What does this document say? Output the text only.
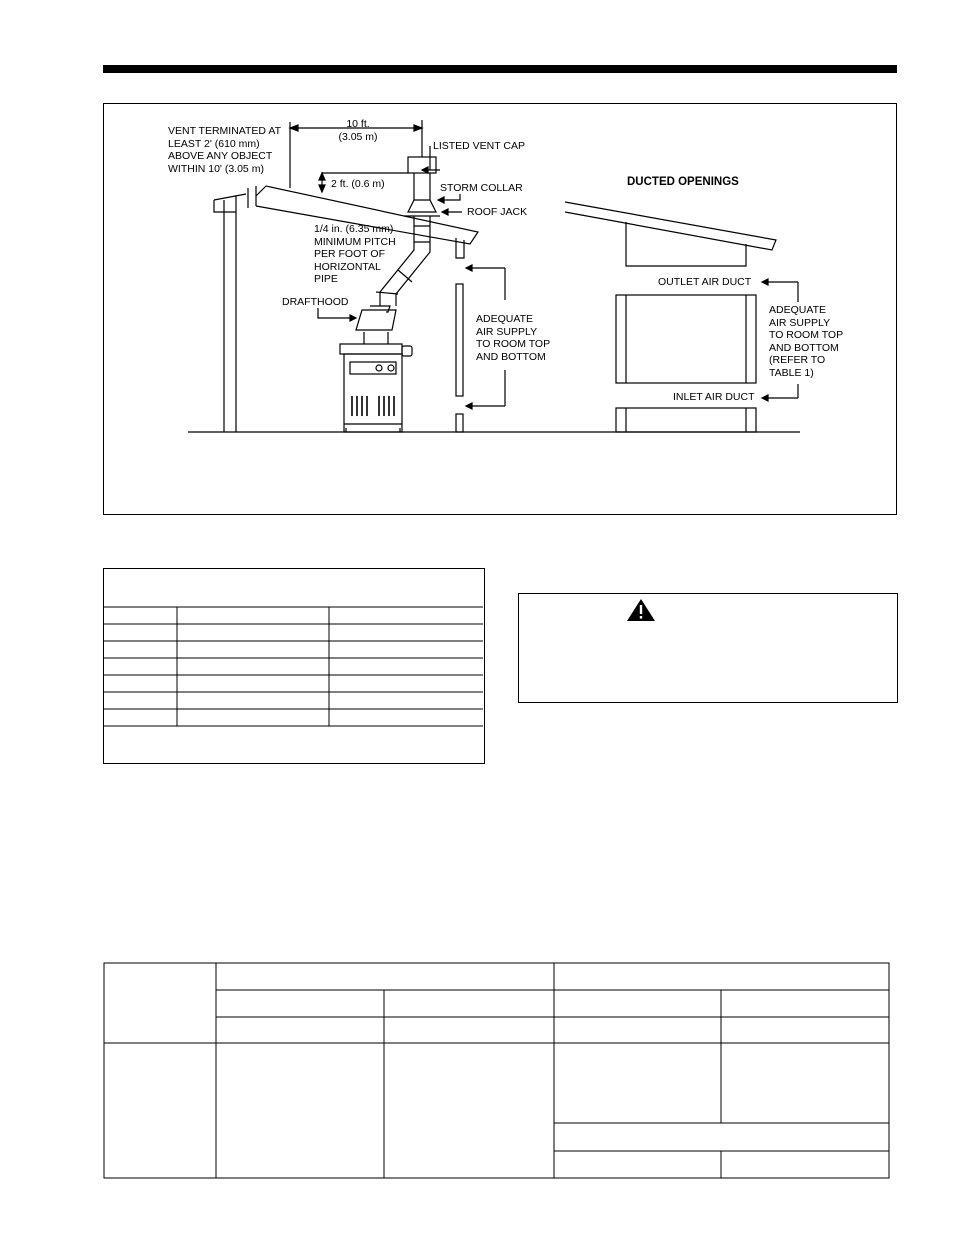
VENT TERMINATED AT
LEAST 2' (610 mm)
ABOVE ANY OBJECT
WITHIN 10' (3.05 m)
10 ft.
(3.05 m)
LISTED VENT CAP
2 ft. (0.6 m)	STORM COLLAR
ROOF JACK
1/4 in. (6.35 mm)
MINIMUM PITCH
PER FOOT OF
HORIZONTAL
PIPE
DRAFTHOOD
ADEQUATE
AIR SUPPLY
TO ROOM TOP
AND BOTTOM
DUCTED OPENINGS
OUTLET AIR DUCT
ADEQUATE
AIR SUPPLY
TO ROOM TOP
AND BOTTOM
(REFER TO
TABLE 1)
INLET AIR DUCT
